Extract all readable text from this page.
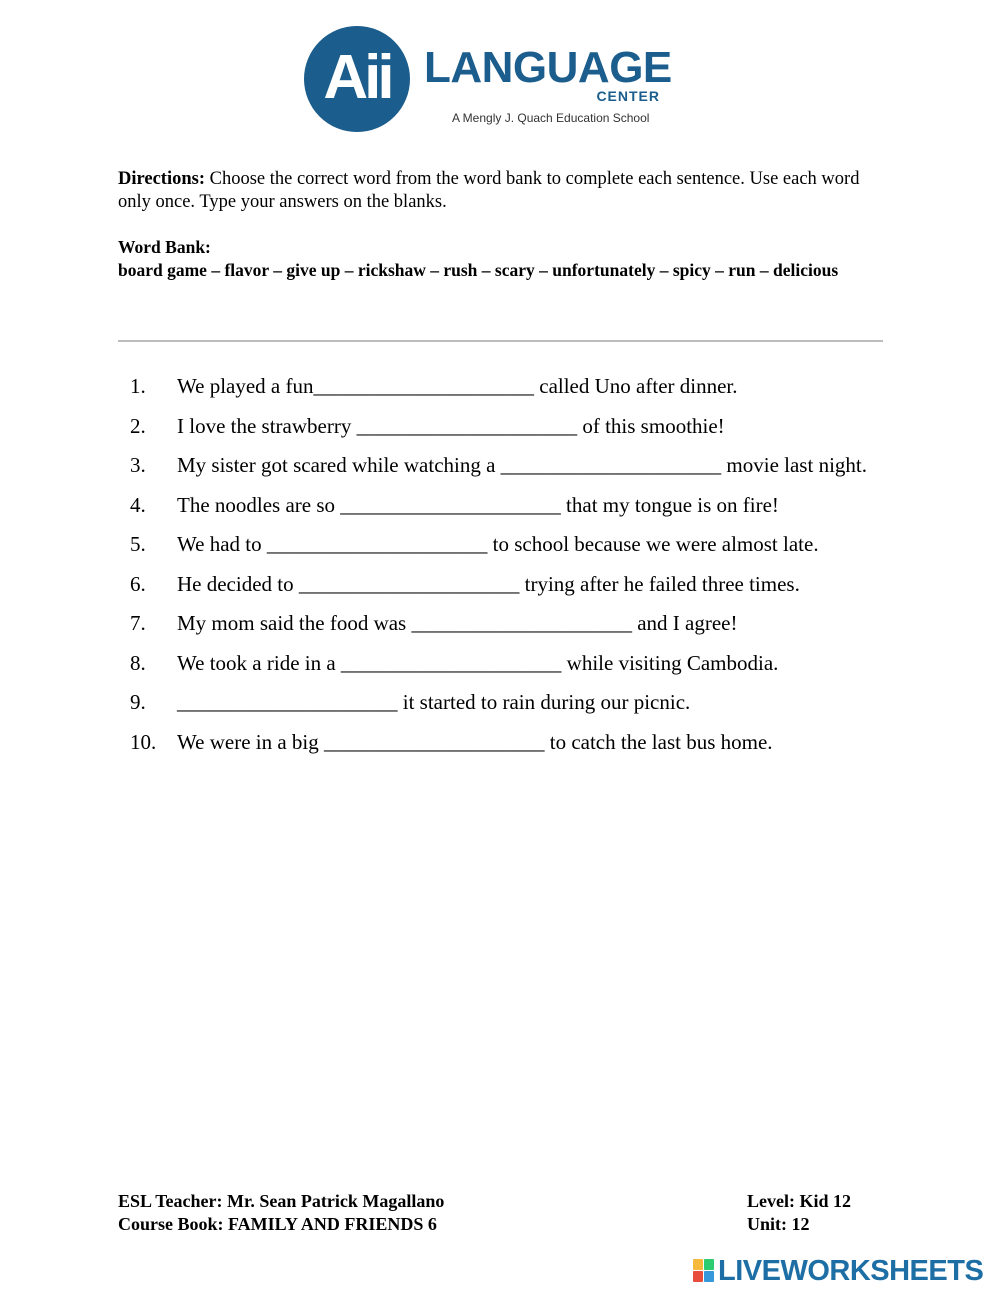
Aii LANGUAGE
CENTER
A Mengly J. Quach Education School
Directions: Choose the correct word from the word bank to complete each sentence. Use each word only once. Type your answers on the blanks.
Word Bank:
board game – flavor – give up – rickshaw – rush – scary – unfortunately – spicy – run – delicious
1.	We played a fun_____________________ called Uno after dinner.
2.	I love the strawberry _____________________ of this smoothie!
3.	My sister got scared while watching a _____________________ movie last night.
4.	The noodles are so _____________________ that my tongue is on fire!
5.	We had to _____________________ to school because we were almost late.
6.	He decided to _____________________ trying after he failed three times.
7.	My mom said the food was _____________________ and I agree!
8.	We took a ride in a _____________________ while visiting Cambodia.
9.	_____________________ it started to rain during our picnic.
10. We were in a big _____________________ to catch the last bus home.
ESL Teacher: Mr. Sean Patrick Magallano	Level: Kid 12
Course Book: FAMILY AND FRIENDS 6	Unit: 12
LIVEWORKSHEETS
